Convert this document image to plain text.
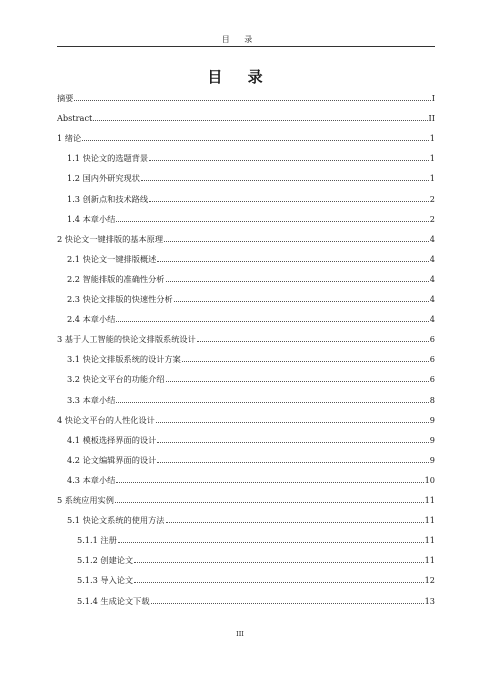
目 录
目 录
摘要	I
Abstract	II
1 绪论	1
1.1 快论文的选题背景	1
1.2 国内外研究现状	1
1.3 创新点和技术路线	2
1.4 本章小结	2
2 快论文一键排版的基本原理	4
2.1 快论文一键排版概述	4
2.2 智能排版的准确性分析	4
2.3 快论文排版的快速性分析	4
2.4 本章小结	4
3 基于人工智能的快论文排版系统设计	6
3.1 快论文排版系统的设计方案	6
3.2 快论文平台的功能介绍	6
3.3 本章小结	8
4 快论文平台的人性化设计	9
4.1 模板选择界面的设计	9
4.2 论文编辑界面的设计	9
4.3 本章小结	10
5 系统应用实例	11
5.1 快论文系统的使用方法	11
5.1.1 注册	11
5.1.2 创建论文	11
5.1.3 导入论文	12
5.1.4 生成论文下载	13
III
